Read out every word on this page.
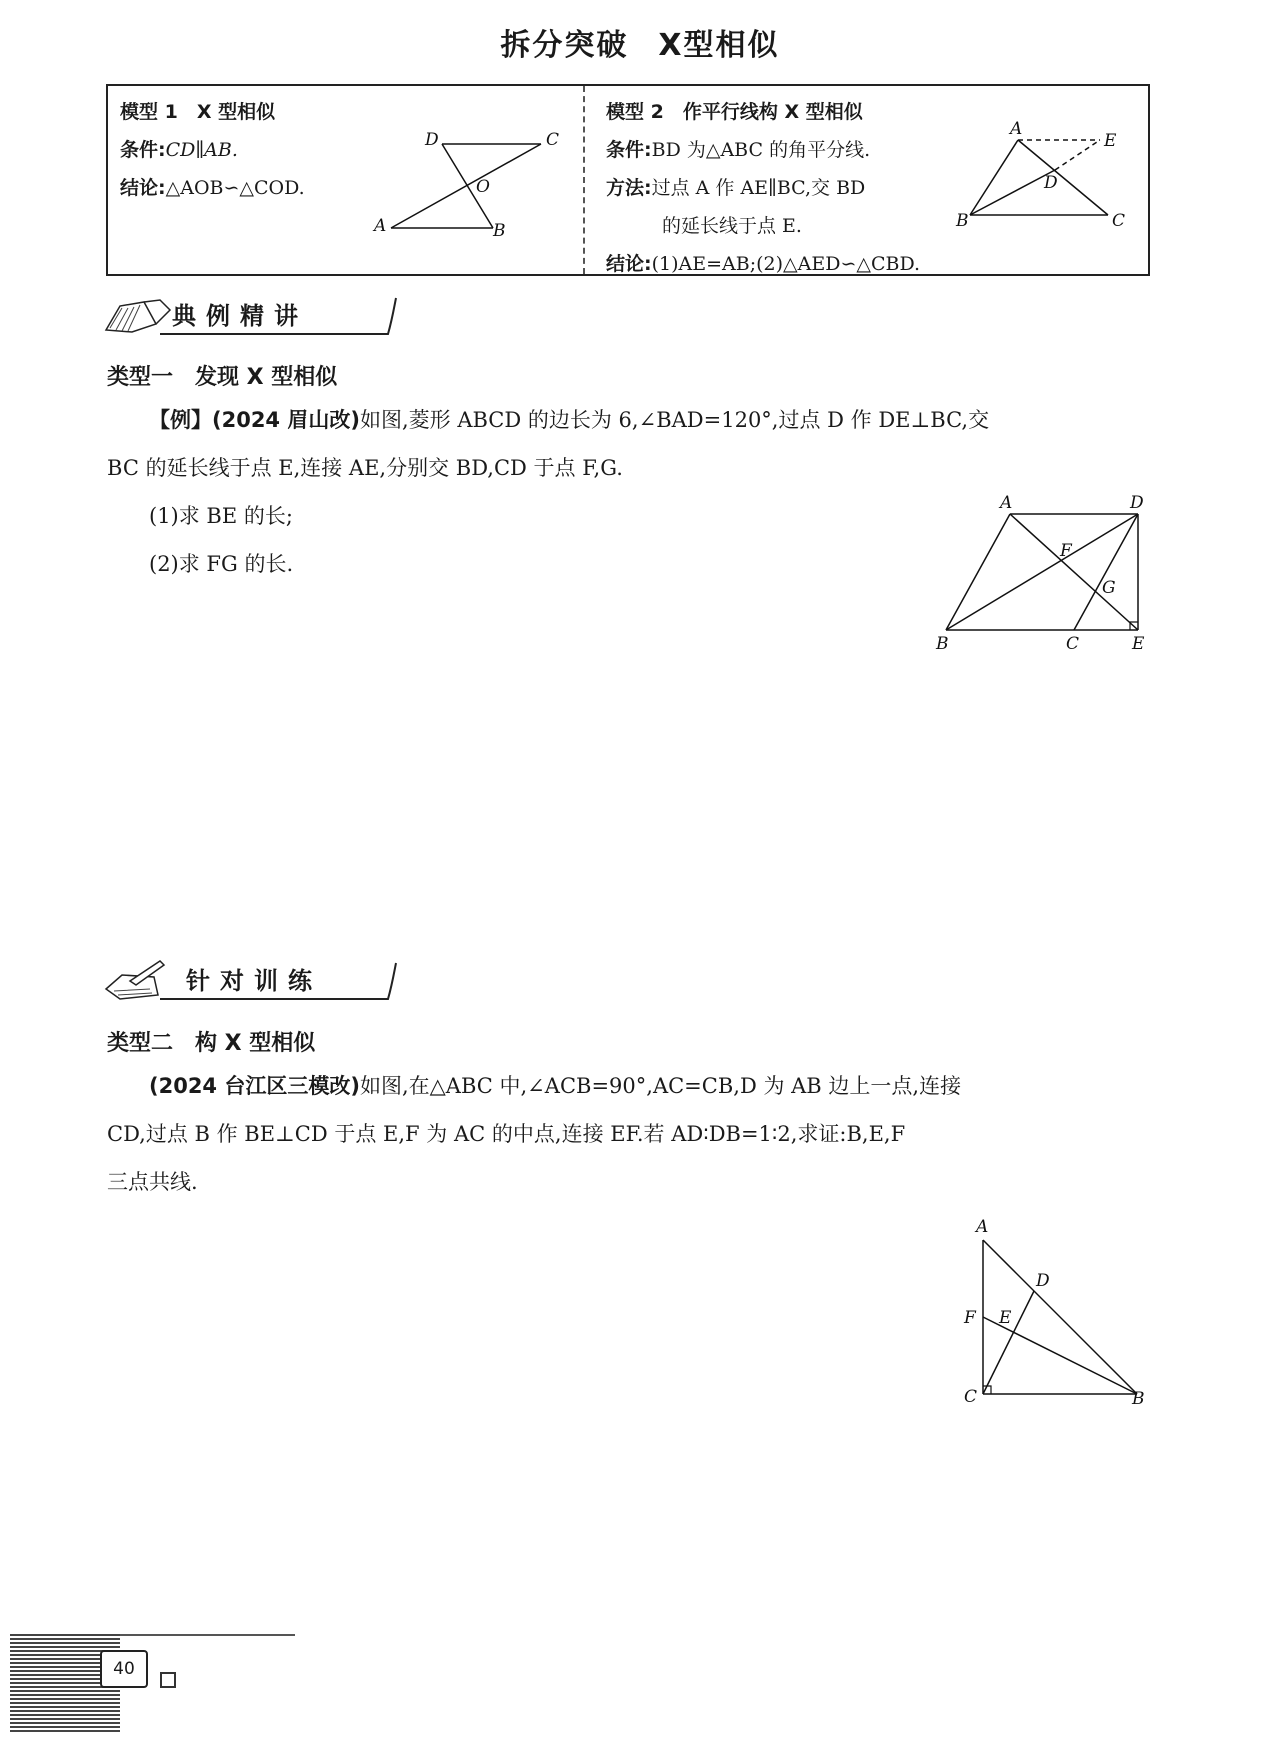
拆分突破 X型相似
模型 1　X 型相似
条件:CD∥AB.
结论:△AOB∽△COD.
D	C
O
A	B
模型 2　作平行线构 X 型相似
条件:BD 为△ABC 的角平分线.
方法:过点 A 作 AE∥BC,交 BD
的延长线于点 E.
结论:(1)AE=AB;(2)△AED∽△CBD.
A
E
D
B	C
典例精讲
类型一　发现 X 型相似
【例】(2024 眉山改)如图,菱形 ABCD 的边长为 6,∠BAD=120°,过点 D 作 DE⊥BC,交
BC 的延长线于点 E,连接 AE,分别交 BD,CD 于点 F,G.
(1)求 BE 的长;
(2)求 FG 的长.
A	D
F
G
B	C	E
针对训练
类型二　构 X 型相似
(2024 台江区三模改)如图,在△ABC 中,∠ACB=90°,AC=CB,D 为 AB 边上一点,连接
CD,过点 B 作 BE⊥CD 于点 E,F 为 AC 的中点,连接 EF.若 AD∶DB=1∶2,求证:B,E,F
三点共线.
A
D
F E
C	B
40
